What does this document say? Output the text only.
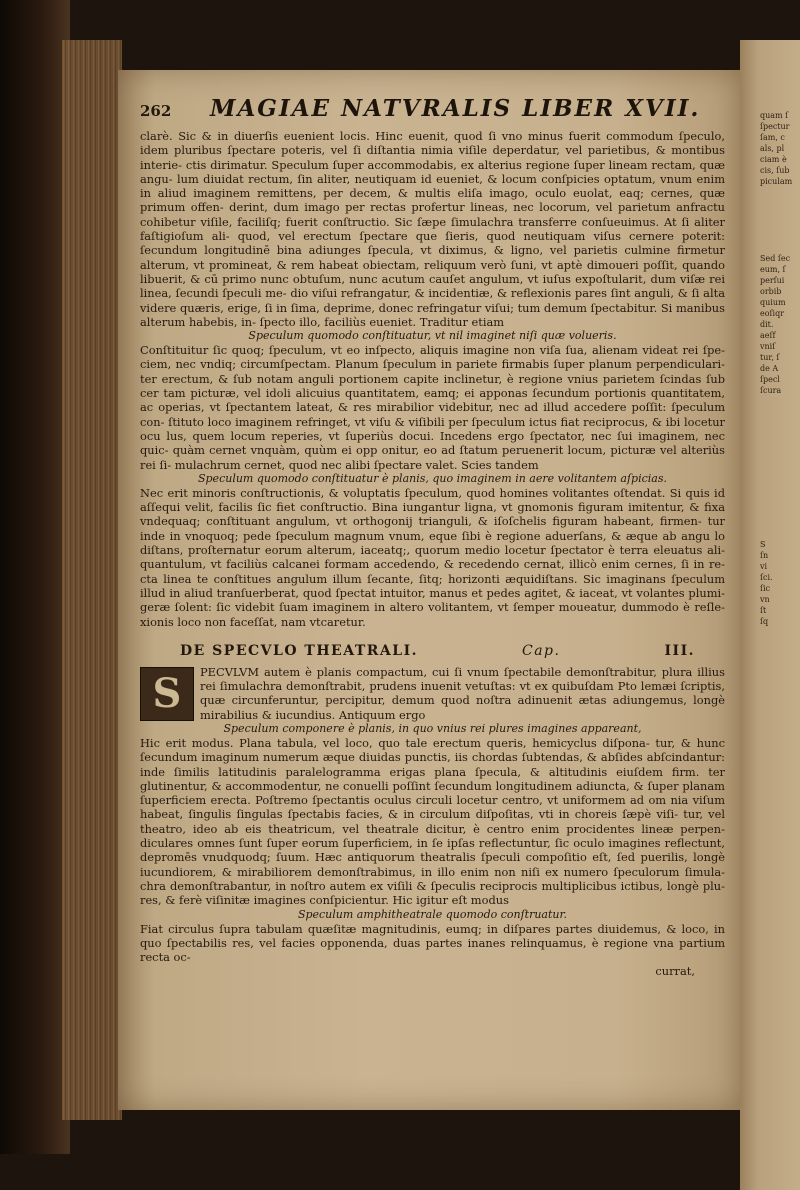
quam ſ
ſpectur
ſam, c
als, pl
ciam è
cis, ſub
piculam

Sed ſec
eum, ſ
perſui
orbib
quium
eoſiqr
dit.
aeſf
vniſ
tur, ſ
de A
ſpecl
ſcura

S
ſn
vi
ſci.
ſic
vn
ſt
ſq
262	MAGIAE NATVRALIS LIBER XVII.

clarè. Sic & in diuerſis euenient locis. Hinc euenit, quod ſi vno minus fuerit commodum ſpeculo, idem pluribus ſpectare poteris, vel ſi diſtantia nimia viſile deperdatur, vel parietibus, & montibus interie- ctis dirimatur. Speculum ſuper accommodabis, ex alterius regione ſuper lineam rectam, quæ angu- lum diuidat rectum, ſin aliter, neutiquam id eueniet, & locum conſpicies optatum, vnum enim in aliud imaginem remittens, per decem, & multis eliſa imago, oculo euolat, eaq; cernes, quæ primum offen- derint, dum imago per rectas profertur lineas, nec locorum, vel parietum anfractu cohibetur viſile, faciliſq; fuerit conſtructio. Sic ſæpe ſimulachra transferre conſueuimus. At ſi aliter faſtigioſum ali- quod, vel erectum ſpectare que ſieris, quod neutiquam viſus cernere poterit: ſecundum longitudinē bina adiunges ſpecula, vt diximus, & ligno, vel parietis culmine firmetur alterum, vt promineat, & rem habeat obiectam, reliquum verò ſuni, vt aptè dimoueri poſſit, quando libuerit, & cū primo nunc obtuſum, nunc acutum cauſet angulum, vt iuſus expoſtularit, dum viſæ rei linea, ſecundi ſpeculi me- dio viſui refrangatur, & incidentiæ, & reflexionis pares ſint anguli, & ſi alta videre quæris, erige, ſi in ſima, deprime, donec refringatur viſui; tum demum ſpectabitur. Si manibus alterum habebis, in- ſpecto illo, faciliùs eueniet. Traditur etiam

Speculum quomodo conſtituatur, vt nil imaginet niſi quæ volueris.

Conſtituitur ſic quoq; ſpeculum, vt eo inſpecto, aliquis imagine non viſa ſua, alienam videat rei ſpe- ciem, nec vndiq; circumſpectam. Planum ſpeculum in pariete firmabis ſuper planum perpendiculari- ter erectum, & ſub notam anguli portionem capite inclinetur, è regione vnius parietem ſcindas ſub cer tam picturæ, vel idoli alicuius quantitatem, eamq; ei apponas ſecundum portionis quantitatem, ac operias, vt ſpectantem lateat, & res mirabilior videbitur, nec ad illud accedere poſſit: ſpeculum con- ſtituto loco imaginem refringet, vt viſu & viſibili per ſpeculum ictus fiat reciprocus, & ibi locetur ocu lus, quem locum reperies, vt ſuperiùs docui. Incedens ergo ſpectator, nec ſui imaginem, nec quic- quàm cernet vnquàm, quùm ei opp onitur, eo ad ſtatum peruenerit locum, picturæ vel alteriùs rei ſi- mulachrum cernet, quod nec alibi ſpectare valet. Scies tandem

Speculum quomodo conſtituatur è planis, quo imaginem in aere volitantem aſpicias.

Nec erit minoris conſtructionis, & voluptatis ſpeculum, quod homines volitantes oſtendat. Si quis id aſſequi velit, facilis ſic fiet conſtructio. Bina iungantur ligna, vt gnomonis figuram imitentur, & fixa vndequaq; conſtituant angulum, vt orthogonij trianguli, & iſoſchelis figuram habeant, firmen- tur inde in vnoquoq; pede ſpeculum magnum vnum, eque ſibi è regione aduerſans, & æque ab angu lo diſtans, proſternatur eorum alterum, iaceatq;, quorum medio locetur ſpectator è terra eleuatus ali- quantulum, vt faciliùs calcanei formam accedendo, & recedendo cernat, illicò enim cernes, ſi in re- cta linea te conſtitues angulum illum ſecante, ſitq; horizonti æquidiſtans. Sic imaginans ſpeculum illud in aliud tranſuerberat, quod ſpectat intuitor, manus et pedes agitet, & iaceat, vt volantes plumi- geræ ſolent: ſic videbit ſuam imaginem in altero volitantem, vt ſemper moueatur, dummodo è reſle- xionis loco non faceſſat, nam vtcaretur.

DE SPECVLO THEATRALI.	Cap.	III.
S	PECVLVM autem è planis compactum, cui ſi vnum ſpectabile demonſtrabitur, plura illius rei ſimulachra demonſtrabit, prudens inuenit vetuſtas: vt ex quibuſdam Pto lemæi ſcriptis, quæ circunferuntur, percipitur, demum quod noſtra adinuenit ætas adiungemus, longè mirabilius & iucundius. Antiquum ergo

Speculum componere è planis, in quo vnius rei plures imagines appareant,

Hic erit modus. Plana tabula, vel loco, quo tale erectum queris, hemicyclus diſpona- tur, & hunc ſecundum imaginum numerum æque diuidas punctis, iis chordas ſubtendas, & abſides abſcindantur: inde ſimilis latitudinis paralelogramma erigas plana ſpecula, & altitudinis eiuſdem firm. ter glutinentur, & accommodentur, ne conuelli poſſint ſecundum longitudinem adiuncta, & ſuper planam ſuperficiem erecta. Poſtremo ſpectantis oculus circuli locetur centro, vt uniformem ad om nia viſum habeat, ſingulis ſingulas ſpectabis facies, & in circulum diſpoſitas, vti in choreis ſæpè viſi- tur, vel theatro, ideo ab eis theatricum, vel theatrale dicitur, è centro enim procidentes lineæ perpen- diculares omnes ſunt ſuper eorum ſuperficiem, in ſe ipſas reflectuntur, ſic oculo imagines reflectunt, depromēs vnudquodq; ſuum. Hæc antiquorum theatralis ſpeculi compoſitio eſt, ſed puerilis, longè iucundiorem, & mirabiliorem demonſtrabimus, in illo enim non niſi ex numero ſpeculorum ſimula- chra demonſtrabantur, in noſtro autem ex viſili & ſpeculis reciprocis multiplicibus ictibus, longè plu- res, & ferè viſinitæ imagines conſpicientur. Hic igitur eſt modus

Speculum amphitheatrale quomodo conſtruatur.

Fiat circulus ſupra tabulam quæſitæ magnitudinis, eumq; in diſpares partes diuidemus, & loco, in quo ſpectabilis res, vel facies opponenda, duas partes inanes relinquamus, è regione vna partium recta oc-

currat,
